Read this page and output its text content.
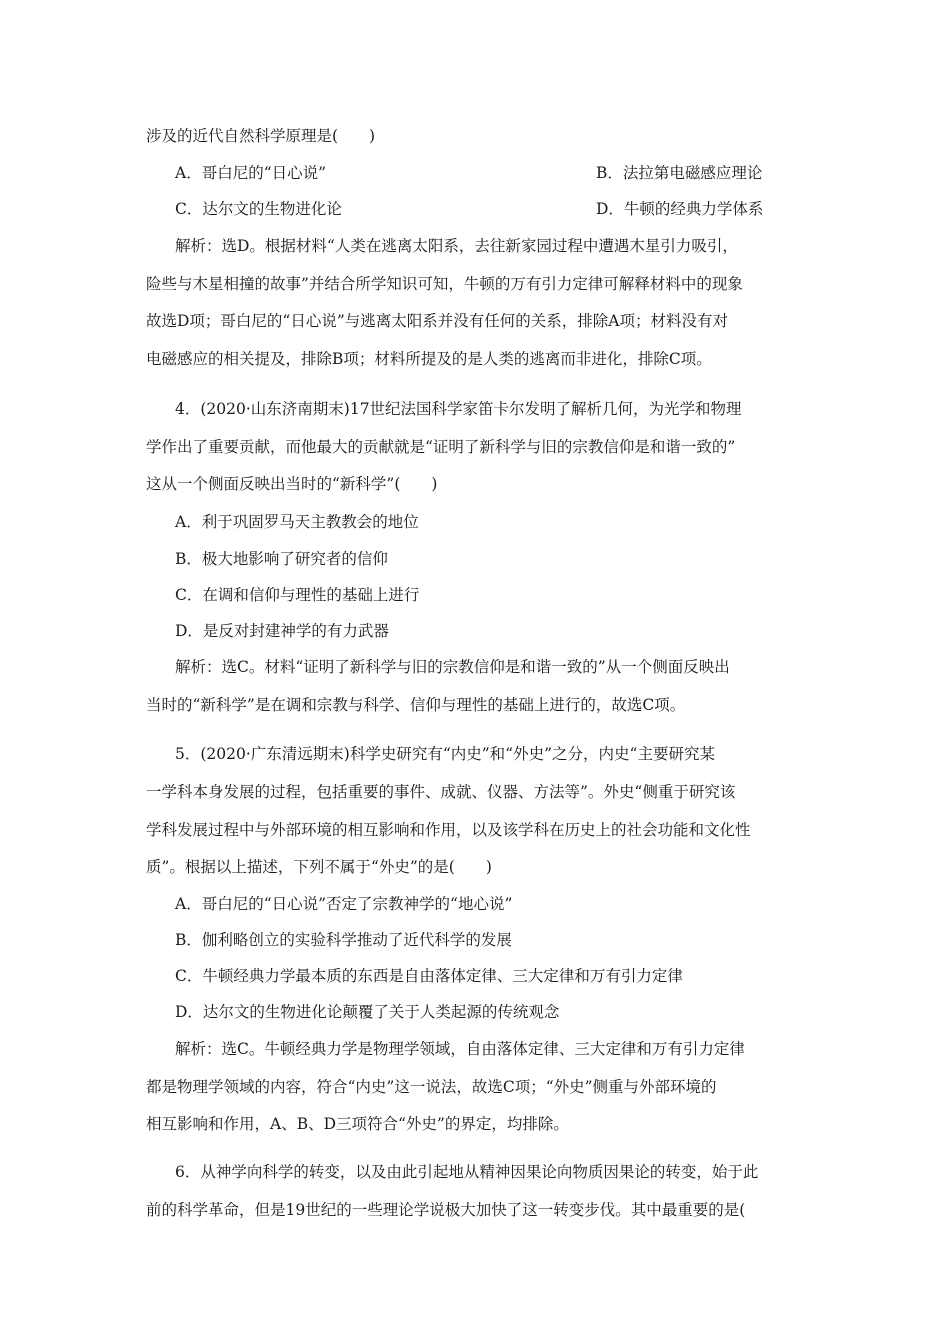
涉及的近代自然科学原理是(　　)
A．哥白尼的“日心说”	B．法拉第电磁感应理论
C．达尔文的生物进化论	D．牛顿的经典力学体系
解析：选D。根据材料“人类在逃离太阳系，去往新家园过程中遭遇木星引力吸引，
险些与木星相撞的故事”并结合所学知识可知，牛顿的万有引力定律可解释材料中的现象
故选D项；哥白尼的“日心说”与逃离太阳系并没有任何的关系，排除A项；材料没有对
电磁感应的相关提及，排除B项；材料所提及的是人类的逃离而非进化，排除C项。
4．(2020·山东济南期末)17世纪法国科学家笛卡尔发明了解析几何，为光学和物理
学作出了重要贡献，而他最大的贡献就是“证明了新科学与旧的宗教信仰是和谐一致的”
这从一个侧面反映出当时的“新科学”(　　)
A．利于巩固罗马天主教教会的地位
B．极大地影响了研究者的信仰
C．在调和信仰与理性的基础上进行
D．是反对封建神学的有力武器
解析：选C。材料“证明了新科学与旧的宗教信仰是和谐一致的”从一个侧面反映出
当时的“新科学”是在调和宗教与科学、信仰与理性的基础上进行的，故选C项。
5．(2020·广东清远期末)科学史研究有“内史”和“外史”之分，内史“主要研究某
一学科本身发展的过程，包括重要的事件、成就、仪器、方法等”。外史“侧重于研究该
学科发展过程中与外部环境的相互影响和作用，以及该学科在历史上的社会功能和文化性
质”。根据以上描述，下列不属于“外史”的是(　　)
A．哥白尼的“日心说”否定了宗教神学的“地心说”
B．伽利略创立的实验科学推动了近代科学的发展
C．牛顿经典力学最本质的东西是自由落体定律、三大定律和万有引力定律
D．达尔文的生物进化论颠覆了关于人类起源的传统观念
解析：选C。牛顿经典力学是物理学领域，自由落体定律、三大定律和万有引力定律
都是物理学领域的内容，符合“内史”这一说法，故选C项；“外史”侧重与外部环境的
相互影响和作用，A、B、D三项符合“外史”的界定，均排除。
6．从神学向科学的转变，以及由此引起地从精神因果论向物质因果论的转变，始于此
前的科学革命，但是19世纪的一些理论学说极大加快了这一转变步伐。其中最重要的是(
